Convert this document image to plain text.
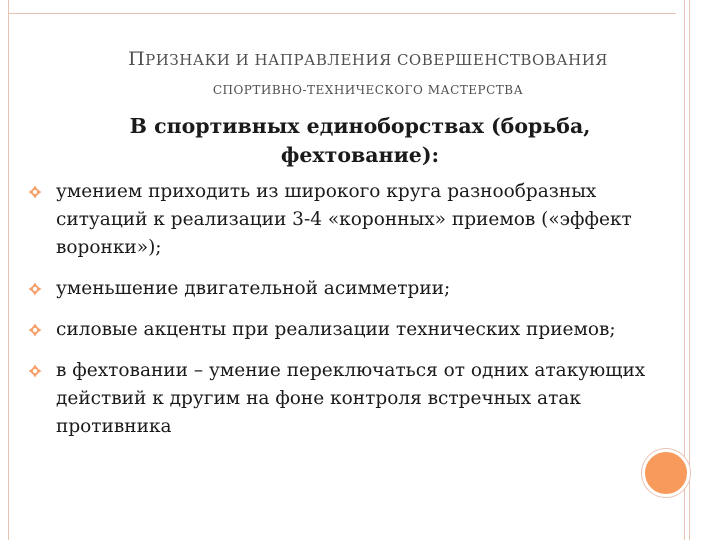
ПРИЗНАКИ И НАПРАВЛЕНИЯ СОВЕРШЕНСТВОВАНИЯ
СПОРТИВНО-ТЕХНИЧЕСКОГО МАСТЕРСТВА
В спортивных единоборствах (борьба, фехтование):
умением приходить из широкого круга разнообразных ситуаций к реализации 3-4 «коронных» приемов («эффект воронки»);
уменьшение двигательной асимметрии;
силовые акценты при реализации технических приемов;
в фехтовании – умение переключаться от одних атакующих действий к другим на фоне контроля встречных атак противника
